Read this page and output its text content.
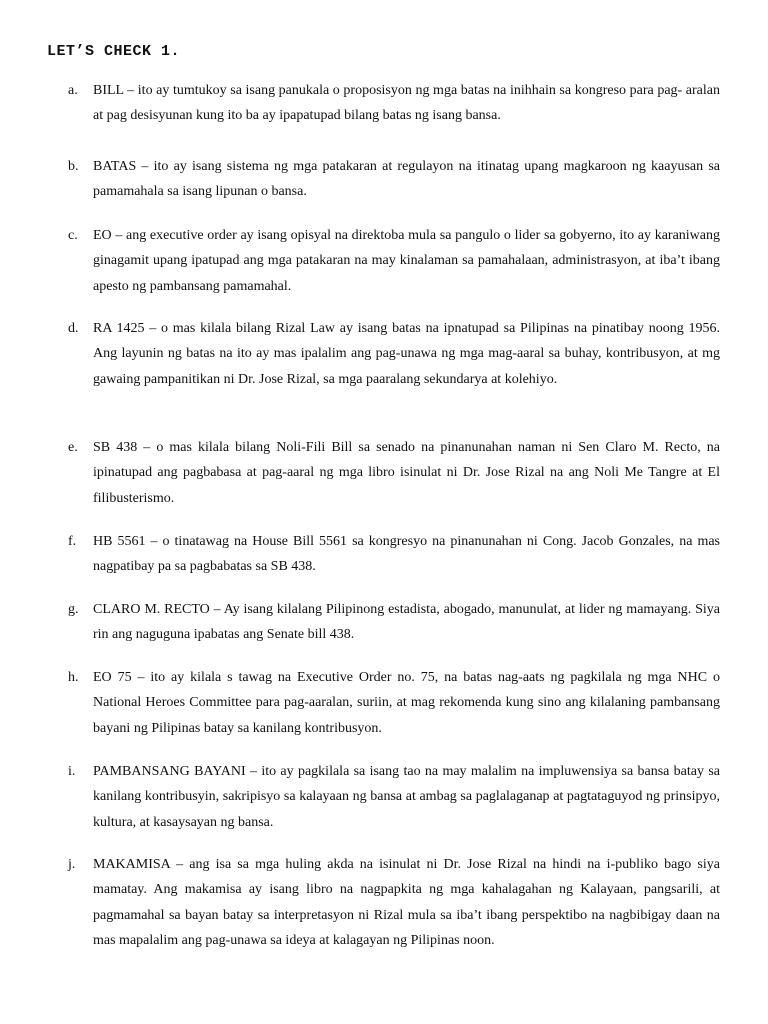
LET’S CHECK 1.
a.	BILL – ito ay tumtukoy sa isang panukala o proposisyon ng mga batas na inihhain sa kongreso para pag- aralan at pag desisyunan kung ito ba ay ipapatupad bilang batas ng isang bansa.

b.	BATAS – ito ay isang sistema ng mga patakaran at regulayon na itinatag upang magkaroon ng kaayusan sa pamamahala sa isang lipunan o bansa.

c.	EO – ang executive order ay isang opisyal na direktoba mula sa pangulo o lider sa gobyerno, ito ay karaniwang ginagamit upang ipatupad ang mga patakaran na may kinalaman sa pamahalaan, administrasyon, at iba’t ibang apesto ng pambansang pamamahal.

d.	RA 1425 – o mas kilala bilang Rizal Law ay isang batas na ipnatupad sa Pilipinas na pinatibay noong 1956. Ang layunin ng batas na ito ay mas ipalalim ang pag-unawa ng mga mag-aaral sa buhay, kontribusyon, at mg gawaing pampanitikan ni Dr. Jose Rizal, sa mga paaralang sekundarya at kolehiyo.

e.	SB 438 – o mas kilala bilang Noli-Fili Bill sa senado na pinanunahan naman ni Sen Claro M. Recto, na ipinatupad ang pagbabasa at pag-aaral ng mga libro isinulat ni Dr. Jose Rizal na ang Noli Me Tangre at El filibusterismo.

f.	HB 5561 – o tinatawag na House Bill 5561 sa kongresyo na pinanunahan ni Cong. Jacob Gonzales, na mas nagpatibay pa sa pagbabatas sa SB 438.

g.	CLARO M. RECTO – Ay isang kilalang Pilipinong estadista, abogado, manunulat, at lider ng mamayang. Siya rin ang naguguna ipabatas ang Senate bill 438.

h.	EO 75 – ito ay kilala s tawag na Executive Order no. 75, na batas nag-aats ng pagkilala ng mga NHC o National Heroes Committee para pag-aaralan, suriin, at mag rekomenda kung sino ang kilalaning pambansang bayani ng Pilipinas batay sa kanilang kontribusyon.

i.	PAMBANSANG BAYANI – ito ay pagkilala sa isang tao na may malalim na impluwensiya sa bansa batay sa kanilang kontribusyin, sakripisyo sa kalayaan ng bansa at ambag sa paglalaganap at pagtataguyod ng prinsipyo, kultura, at kasaysayan ng bansa.

j.	MAKAMISA – ang isa sa mga huling akda na isinulat ni Dr. Jose Rizal na hindi na i-publiko bago siya mamatay. Ang makamisa ay isang libro na nagpapkita ng mga kahalagahan ng Kalayaan, pangsarili, at pagmamahal sa bayan batay sa interpretasyon ni Rizal mula sa iba’t ibang perspektibo na nagbibigay daan na mas mapalalim ang pag-unawa sa ideya at kalagayan ng Pilipinas noon.
